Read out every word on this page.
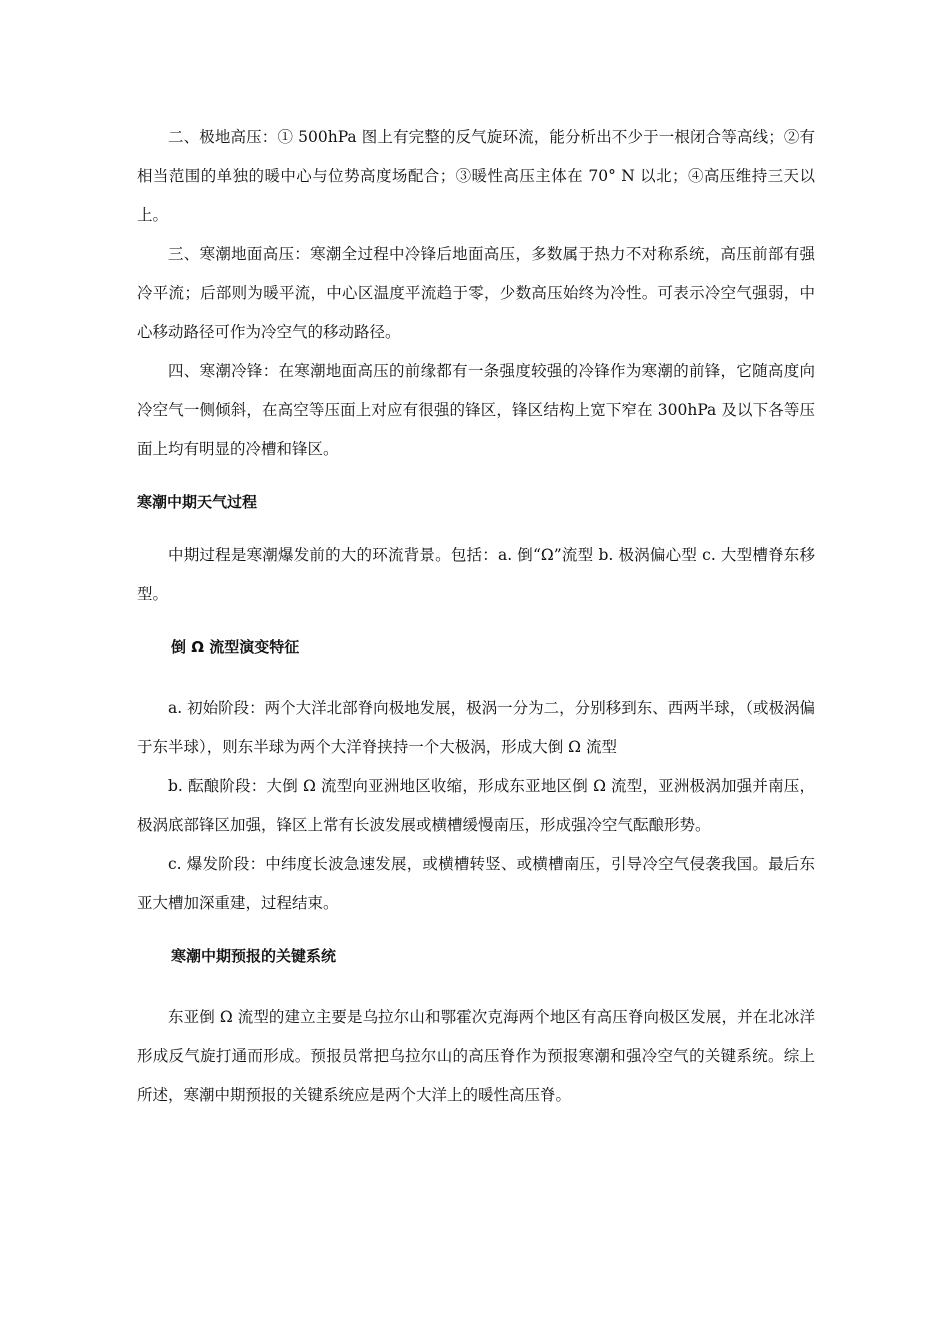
二、极地高压：① 500hPa 图上有完整的反气旋环流，能分析出不少于一根闭合等高线；②有相当范围的单独的暖中心与位势高度场配合；③暖性高压主体在 70° N 以北；④高压维持三天以上。

三、寒潮地面高压：寒潮全过程中冷锋后地面高压，多数属于热力不对称系统，高压前部有强冷平流；后部则为暖平流，中心区温度平流趋于零，少数高压始终为冷性。可表示冷空气强弱，中心移动路径可作为冷空气的移动路径。

四、寒潮冷锋：在寒潮地面高压的前缘都有一条强度较强的冷锋作为寒潮的前锋，它随高度向冷空气一侧倾斜，在高空等压面上对应有很强的锋区，锋区结构上宽下窄在 300hPa 及以下各等压面上均有明显的冷槽和锋区。

寒潮中期天气过程

中期过程是寒潮爆发前的大的环流背景。包括：a. 倒“Ω”流型 b. 极涡偏心型 c. 大型槽脊东移型。

倒 Ω 流型演变特征

a. 初始阶段：两个大洋北部脊向极地发展，极涡一分为二，分别移到东、西两半球，（或极涡偏于东半球），则东半球为两个大洋脊挟持一个大极涡，形成大倒 Ω 流型

b. 酝酿阶段：大倒 Ω 流型向亚洲地区收缩，形成东亚地区倒 Ω 流型，亚洲极涡加强并南压，极涡底部锋区加强，锋区上常有长波发展或横槽缓慢南压，形成强冷空气酝酿形势。

c. 爆发阶段：中纬度长波急速发展，或横槽转竖、或横槽南压，引导冷空气侵袭我国。最后东亚大槽加深重建，过程结束。

寒潮中期预报的关键系统

东亚倒 Ω 流型的建立主要是乌拉尔山和鄂霍次克海两个地区有高压脊向极区发展，并在北冰洋形成反气旋打通而形成。预报员常把乌拉尔山的高压脊作为预报寒潮和强冷空气的关键系统。综上所述，寒潮中期预报的关键系统应是两个大洋上的暖性高压脊。
